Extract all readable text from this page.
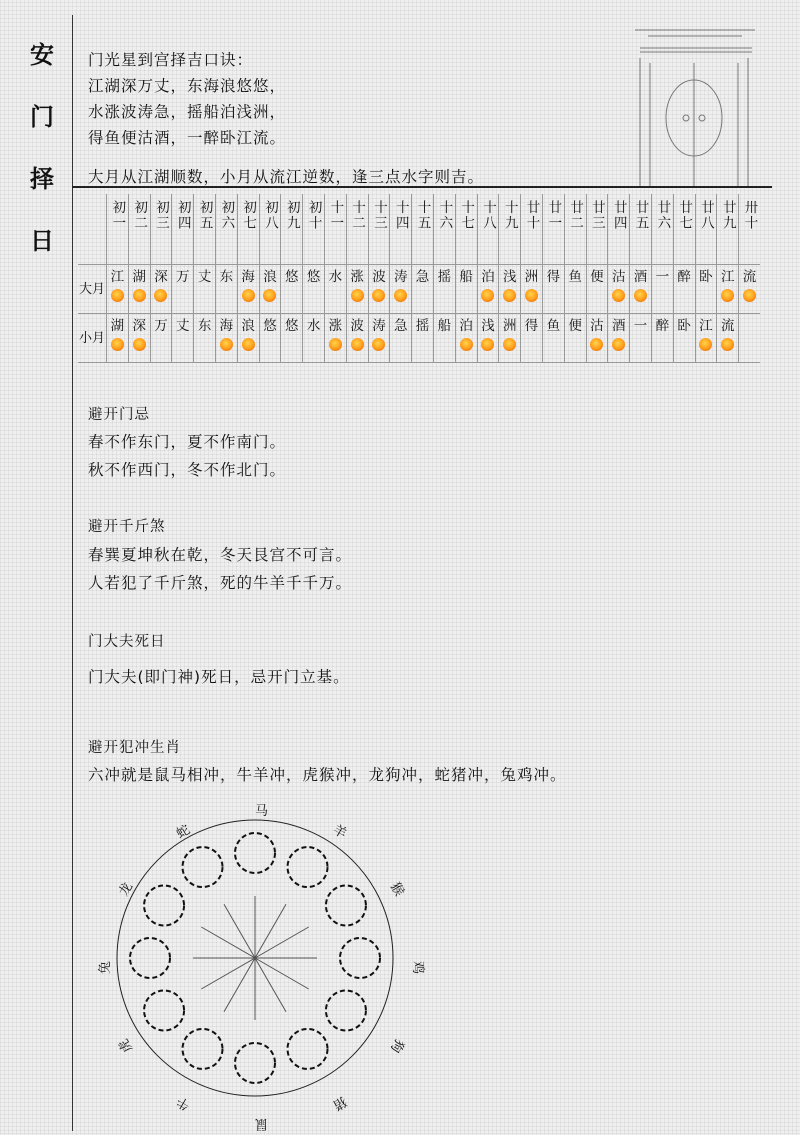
安
门
择
日
门光星到宫择吉口诀：
江湖深万丈，东海浪悠悠，
水涨波涛急，摇船泊浅洲，
得鱼便沽酒，一醉卧江流。
大月从江湖顺数，小月从流江逆数，逢三点水字则吉。
	初一	初二	初三	初四	初五	初六	初七	初八	初九	初十	十一	十二	十三	十四	十五	十六	十七	十八	十九	廿十	廿一	廿二	廿三	廿四	廿五	廿六	廿七	廿八	廿九	卅十
大月	江	湖	深	万	丈	东	海	浪	悠	悠	水	涨	波	涛	急	摇	船	泊	浅	洲	得	鱼	便	沽	酒	一	醉	卧	江	流

小月	湖	深	万	丈	东	海	浪	悠	悠	水	涨	波	涛	急	摇	船	泊	浅	洲	得	鱼	便	沽	酒	一	醉	卧	江	流	

避开门忌
春不作东门，夏不作南门。
秋不作西门，冬不作北门。
避开千斤煞
春巽夏坤秋在乾，冬天艮宫不可言。
人若犯了千斤煞，死的牛羊千千万。
门大夫死日
门大夫(即门神)死日，忌开门立基。
避开犯冲生肖
六冲就是鼠马相冲，牛羊冲，虎猴冲，龙狗冲，蛇猪冲，兔鸡冲。
马
羊
猴
鸡
狗
猪
鼠
牛
虎
兔
龙
蛇
